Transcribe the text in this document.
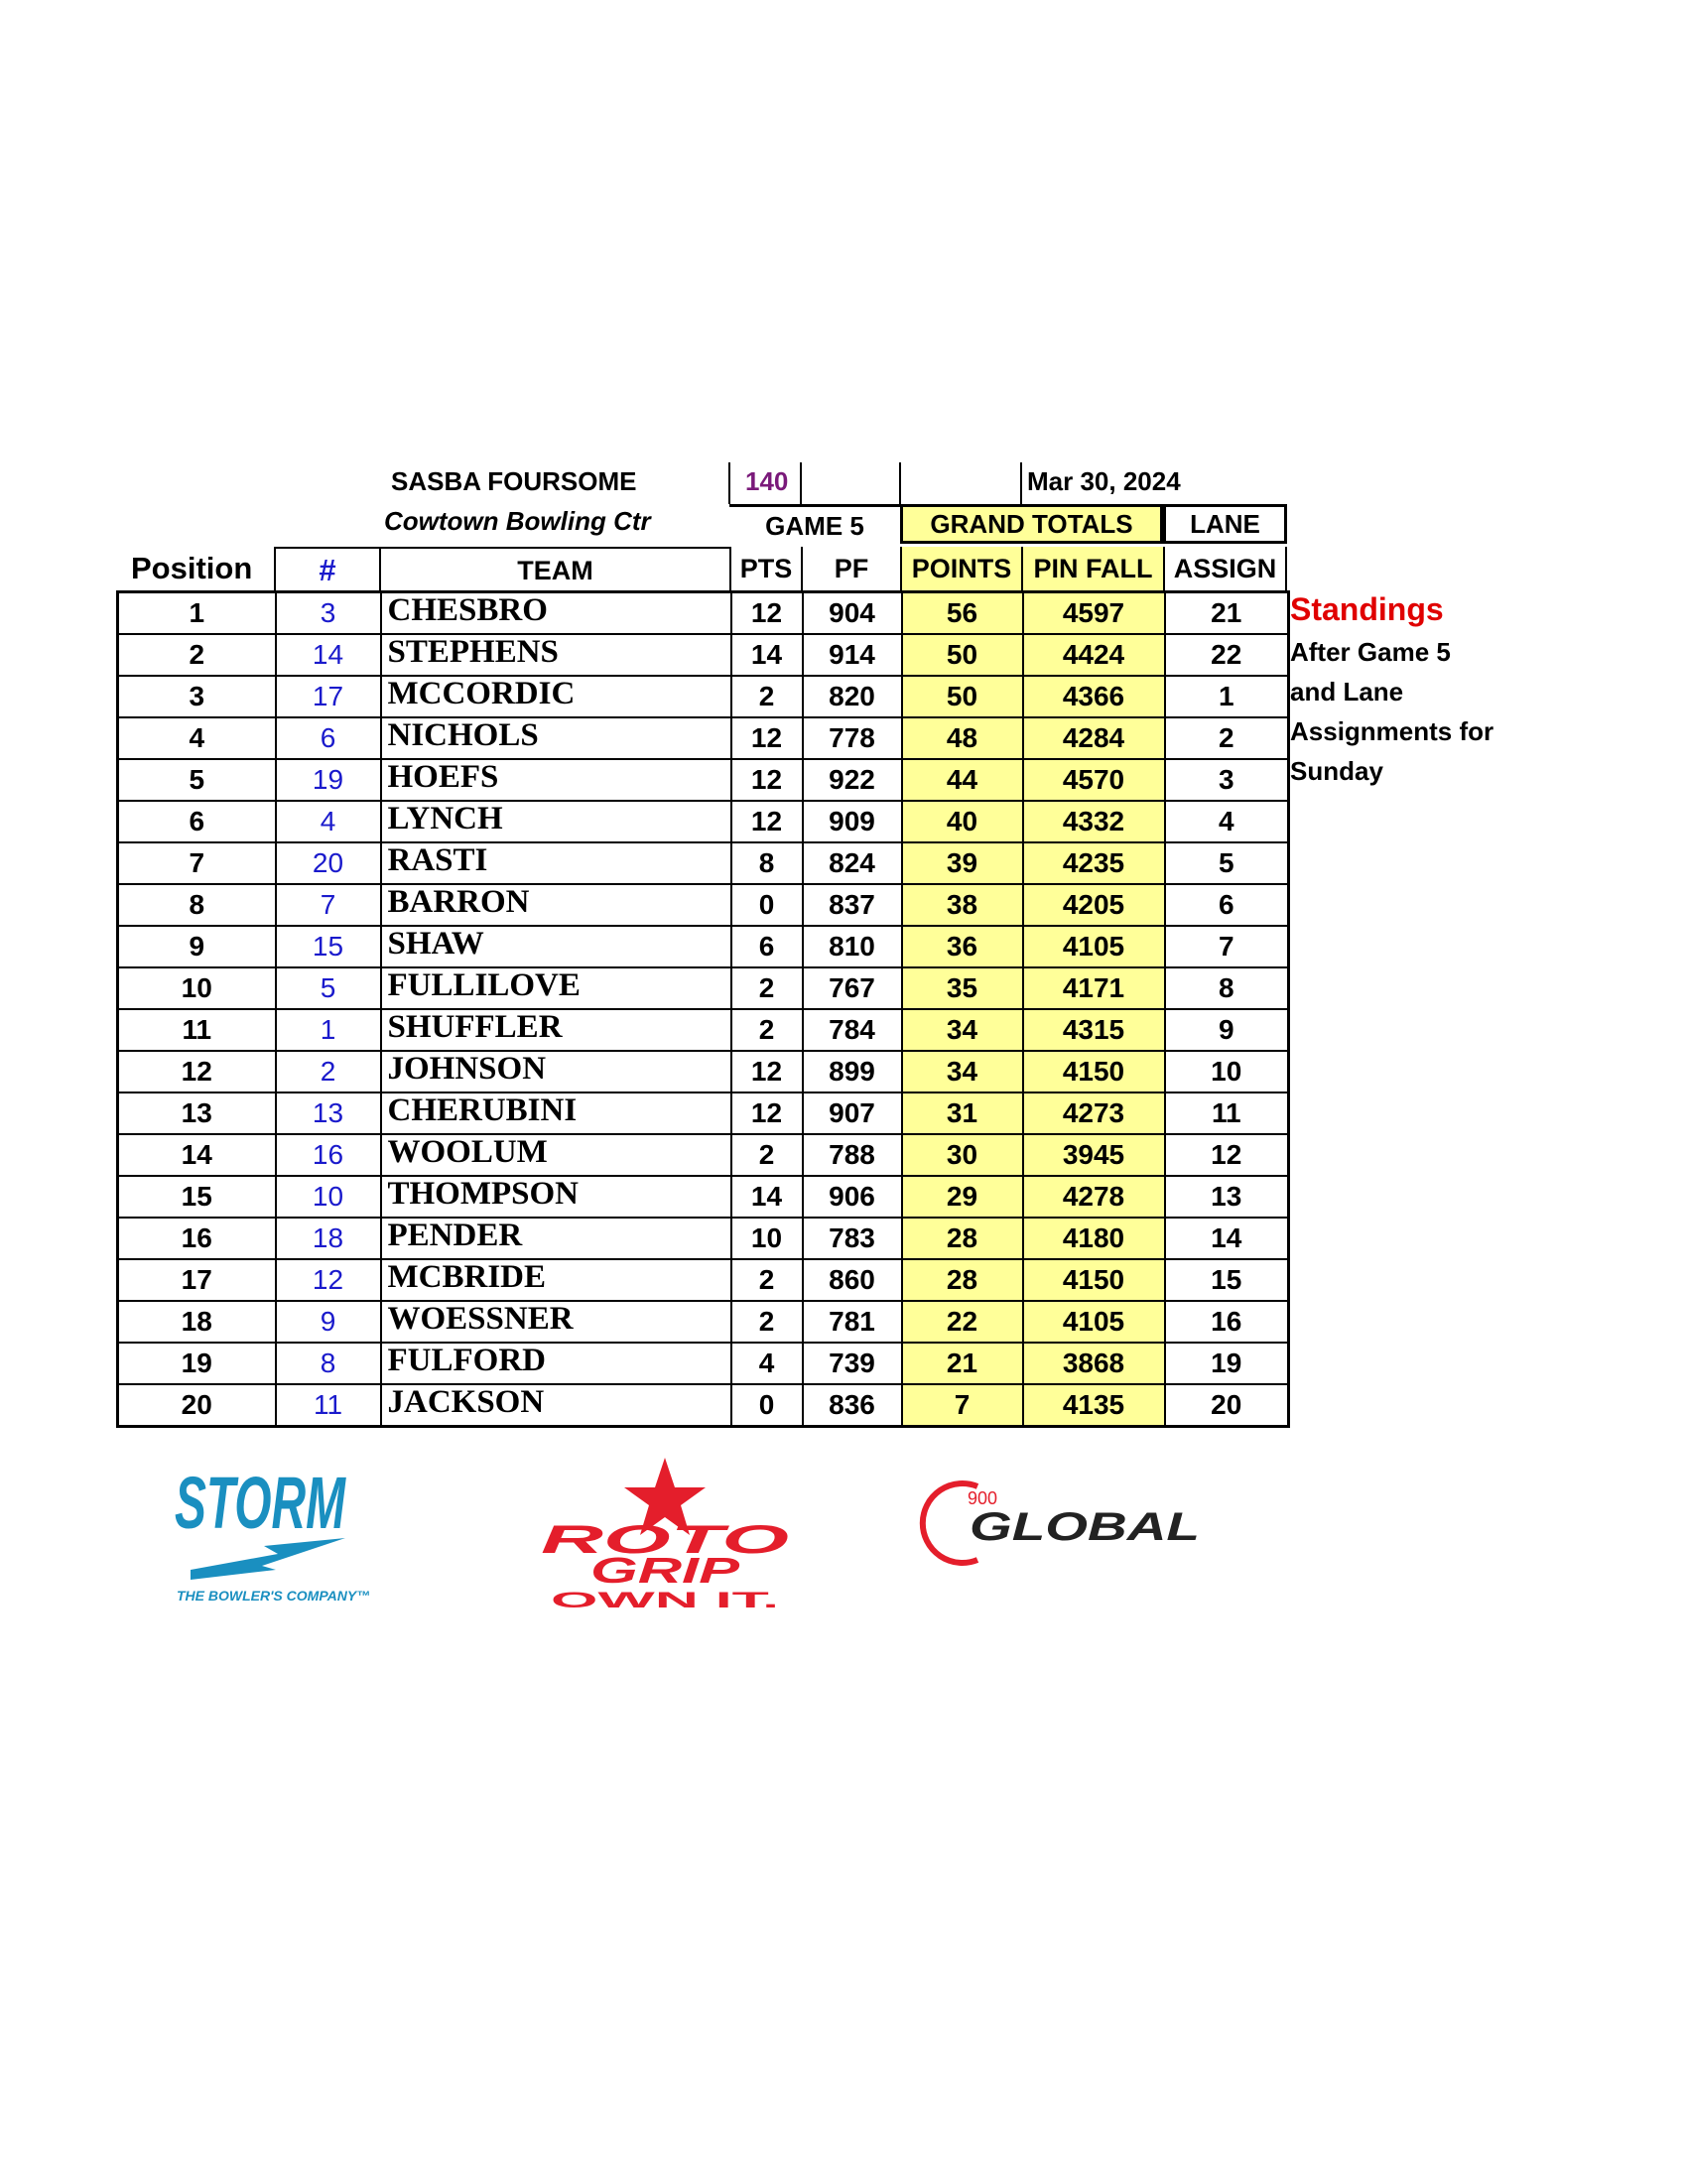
SASBA FOURSOME
Cowtown Bowling Ctr
140	Mar 30, 2024
GAME 5	GRAND TOTALS	LANE
Position	#	TEAM	PTS	PF	POINTS PIN FALL ASSIGN
1	3	CHESBRO	12	904	56	4597	21
2	14	STEPHENS	14	914	50	4424	22
3	17	MCCORDIC	2	820	50	4366	1
4	6	NICHOLS	12	778	48	4284	2
5	19	HOEFS	12	922	44	4570	3
6	4	LYNCH	12	909	40	4332	4
7	20	RASTI	8	824	39	4235	5
8	7	BARRON	0	837	38	4205	6
9	15	SHAW	6	810	36	4105	7
10	5	FULLILOVE	2	767	35	4171	8
11	1	SHUFFLER	2	784	34	4315	9
12	2	JOHNSON	12	899	34	4150	10
13	13	CHERUBINI	12	907	31	4273	11
14	16	WOOLUM	2	788	30	3945	12
15	10	THOMPSON	14	906	29	4278	13
16	18	PENDER	10	783	28	4180	14
17	12	MCBRIDE	2	860	28	4150	15
18	9	WOESSNER	2	781	22	4105	16
19	8	FULFORD	4	739	21	3868	19
20	11	JACKSON	0	836	7	4135	20
Standings
After Game 5
and Lane
Assignments for
Sunday
STORM
THE BOWLER'S COMPANY™
ROTO
GRIP
OWN IT.
900
GLOBAL
